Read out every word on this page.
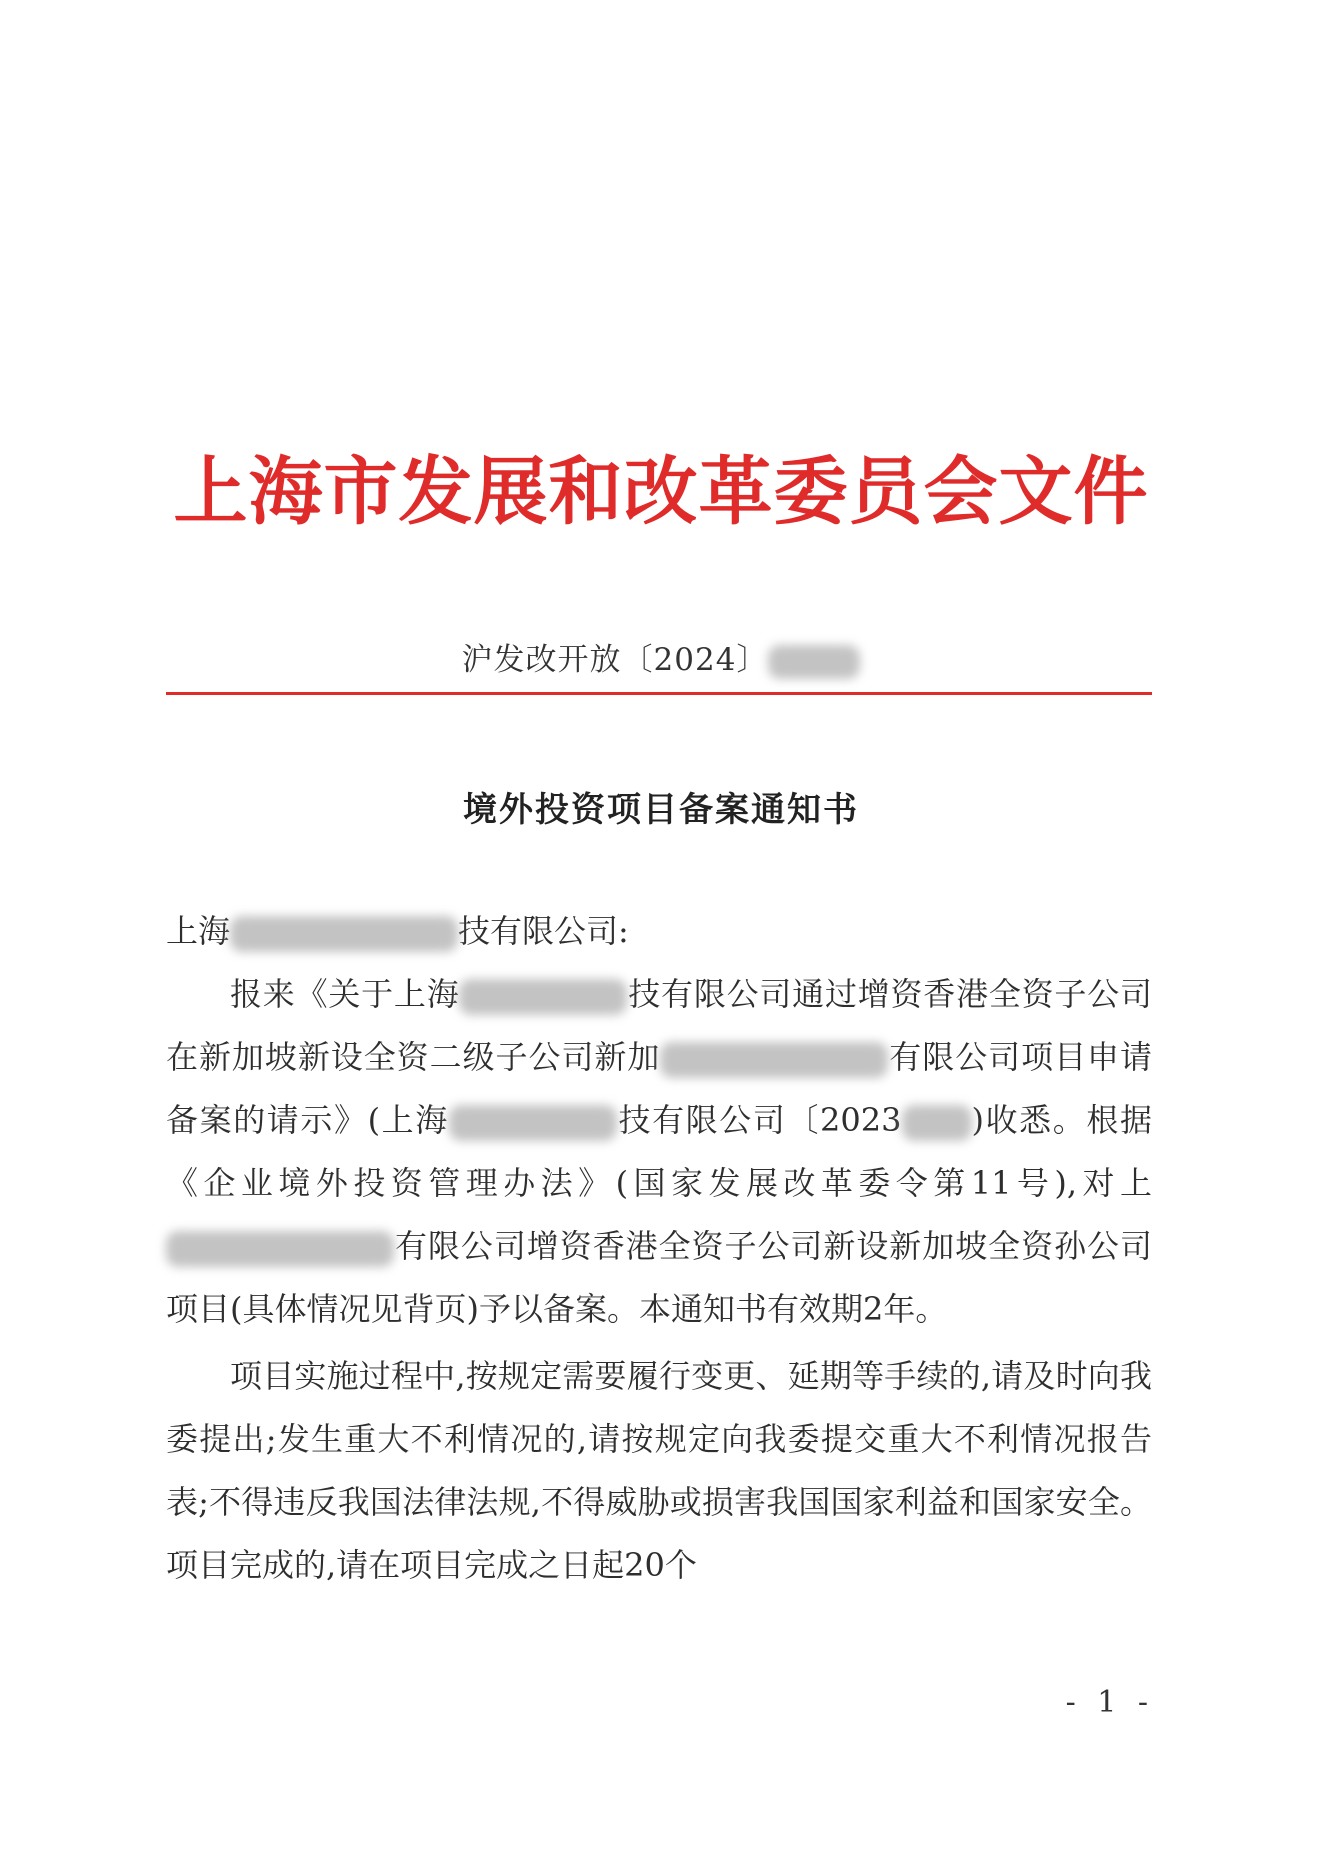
上海市发展和改革委员会文件
沪发改开放〔2024〕
境外投资项目备案通知书

上海	技有限公司:

报来《关于上海	技有限公司通过增资香港全资子公司在新加坡新设全资二级子公司新加	有限公司项目申请备案的请示》(上海	技有限公司〔2023 )收悉。根据《企业境外投资管理办法》(国家发展改革委令第11号),对上有限公司增资香港全资子公司新设新加坡全资孙公司项目(具体情况见背页)予以备案。本通知书有效期2年。

项目实施过程中,按规定需要履行变更、延期等手续的,请及时向我委提出;发生重大不利情况的,请按规定向我委提交重大不利情况报告表;不得违反我国法律法规,不得威胁或损害我国国家利益和国家安全。项目完成的,请在项目完成之日起20个

- 1 -
